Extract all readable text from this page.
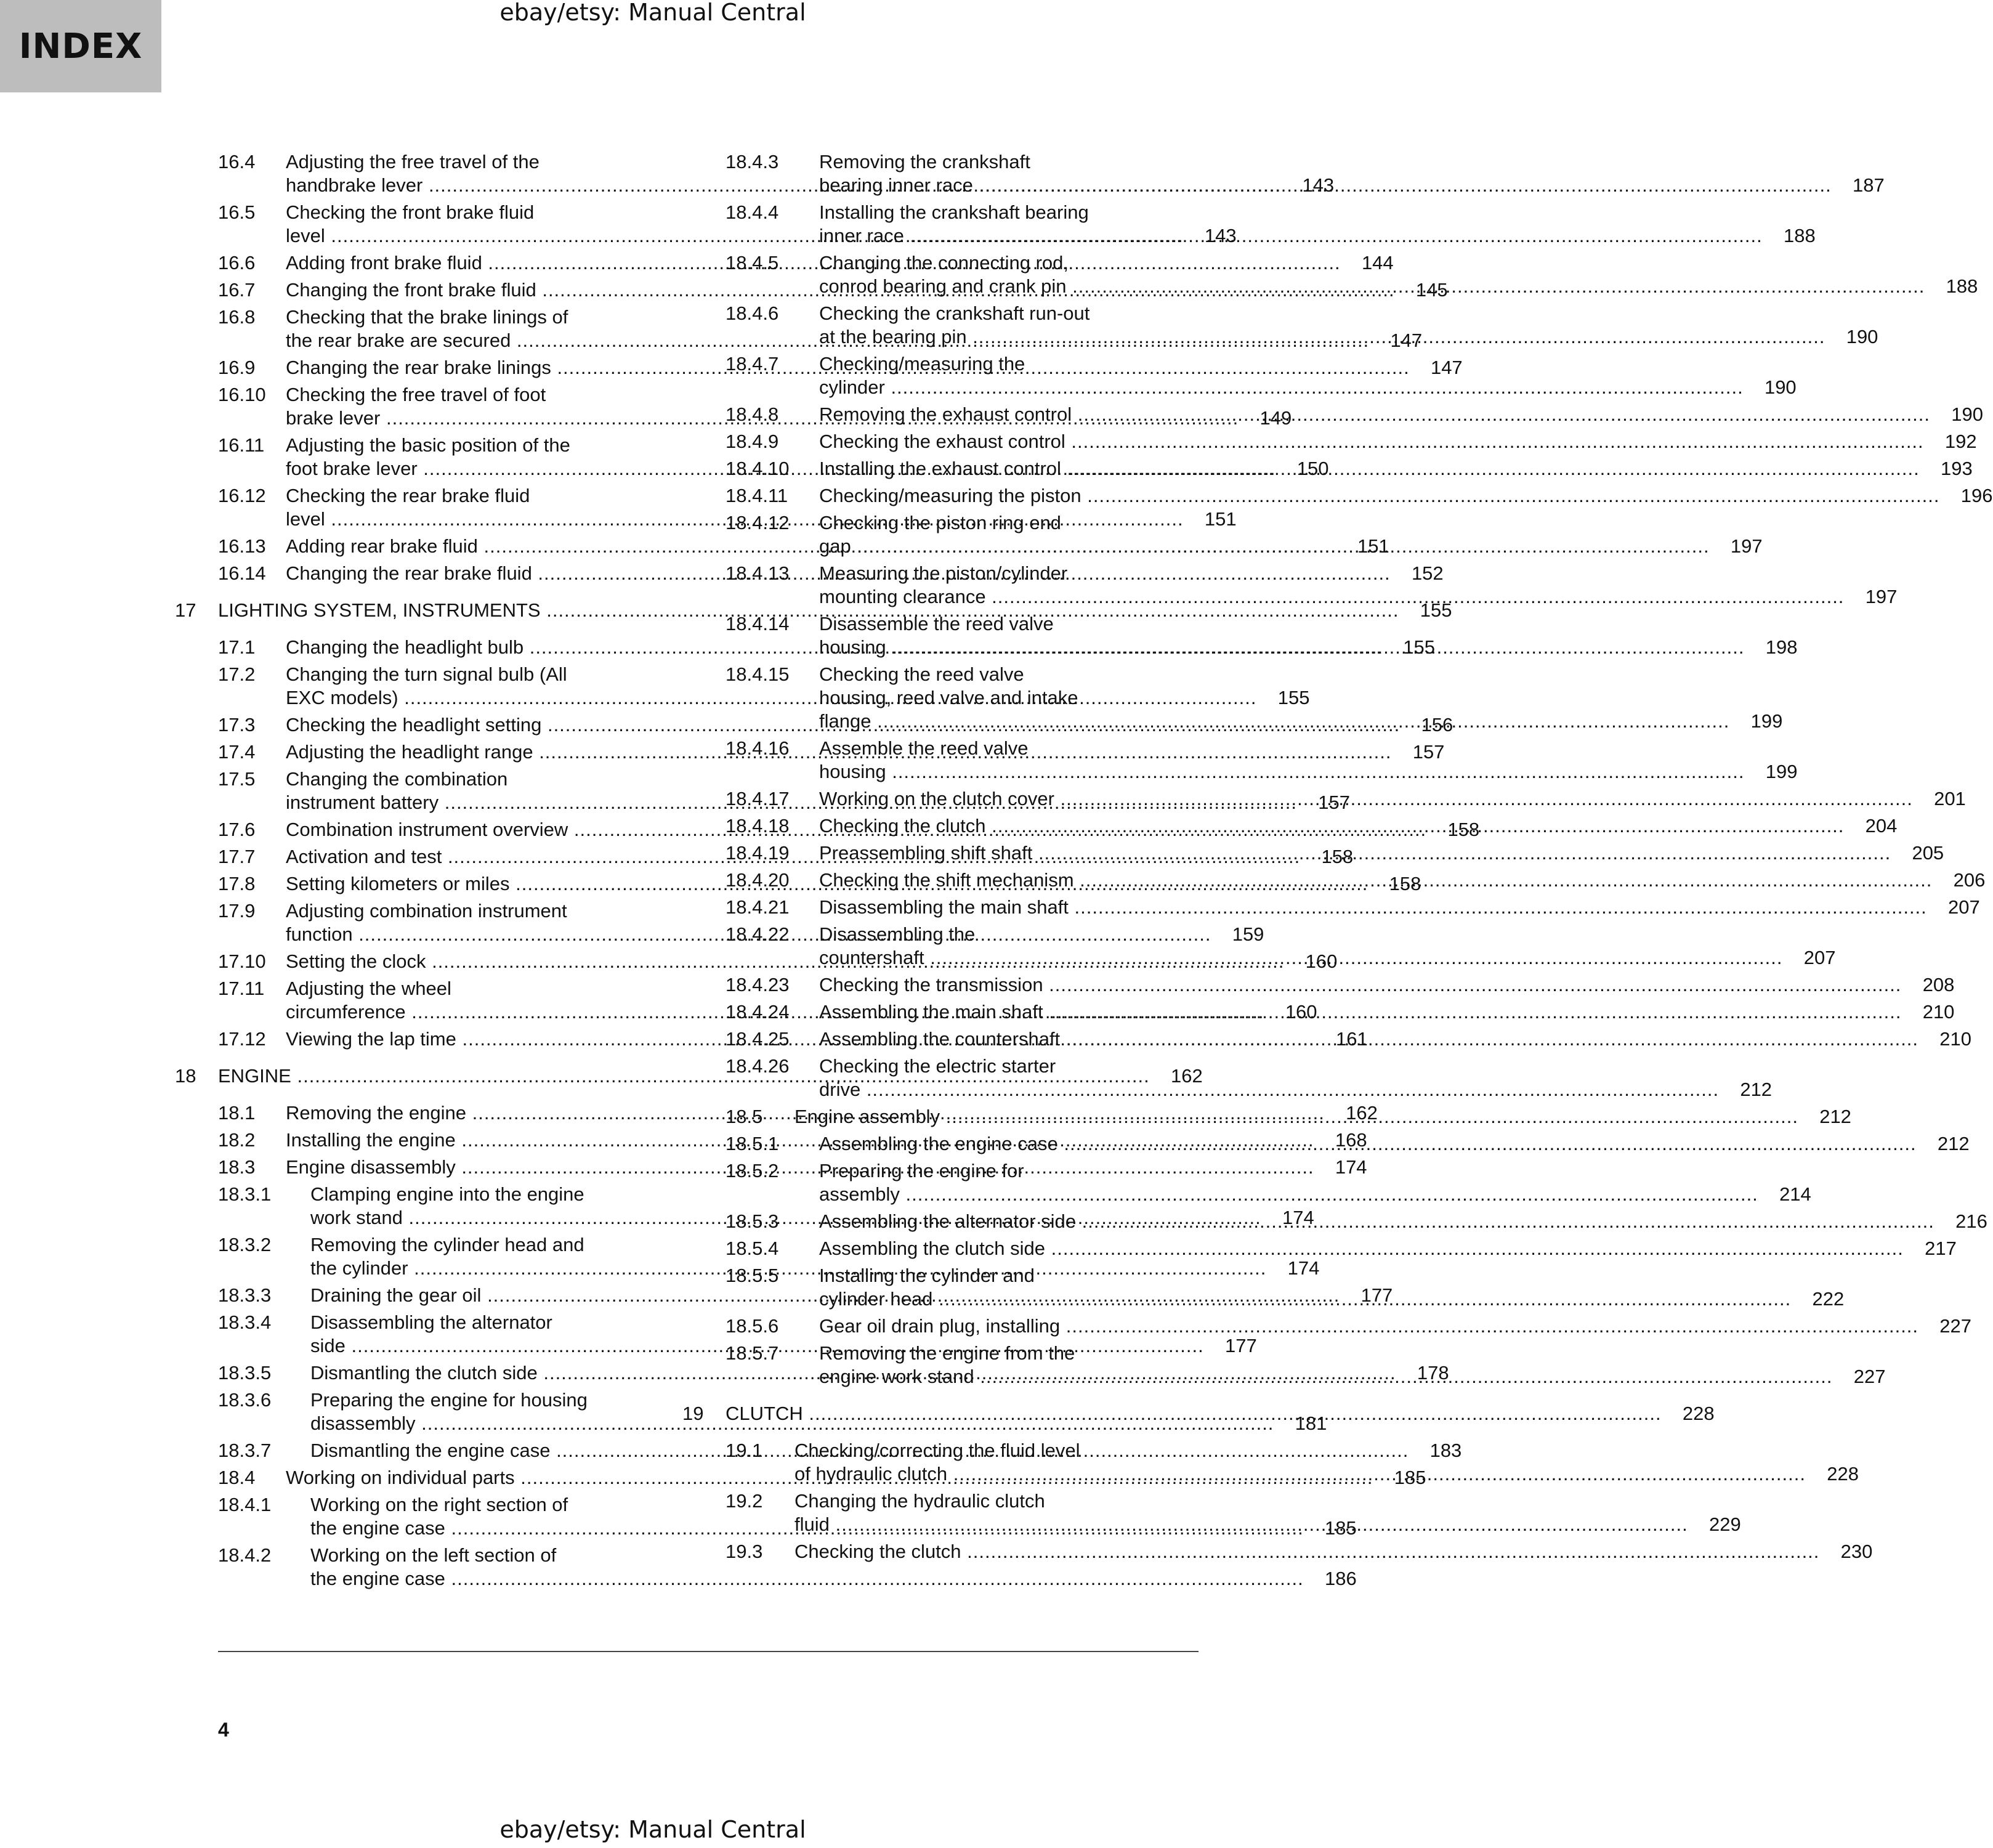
INDEX
ebay/etsy: Manual Central
16.4	Adjusting the free travel of the
handbrake lever .....	143
16.5	Checking the front brake fluid
level .....	143
16.6	Adding front brake fluid .....	144
16.7	Changing the front brake fluid .....	145
16.8	Checking that the brake linings of
the rear brake are secured .....	147
16.9	Changing the rear brake linings .....	147
16.10	Checking the free travel of foot
brake lever .....	149
16.11	Adjusting the basic position of the
foot brake lever .....	150
16.12	Checking the rear brake fluid
level .....	151
16.13	Adding rear brake fluid .....	151
16.14	Changing the rear brake fluid .....	152
17	LIGHTING SYSTEM, INSTRUMENTS .....	155
17.1	Changing the headlight bulb .....	155
17.2	Changing the turn signal bulb (All
EXC models) .....	155
17.3	Checking the headlight setting .....	156
17.4	Adjusting the headlight range .....	157
17.5	Changing the combination
instrument battery .....	157
17.6	Combination instrument overview .....	158
17.7	Activation and test .....	158
17.8	Setting kilometers or miles .....	158
17.9	Adjusting combination instrument
function .....	159
17.10	Setting the clock .....	160
17.11	Adjusting the wheel
circumference .....	160
17.12	Viewing the lap time .....	161
18	ENGINE .....	162
18.1	Removing the engine .....	162
18.2	Installing the engine .....	168
18.3	Engine disassembly .....	174
18.3.1	Clamping engine into the engine
work stand .....	174
18.3.2	Removing the cylinder head and
the cylinder .....	174
18.3.3	Draining the gear oil .....	177
18.3.4	Disassembling the alternator
side .....	177
18.3.5	Dismantling the clutch side .....	178
18.3.6	Preparing the engine for housing
disassembly .....	181
18.3.7	Dismantling the engine case .....	183
18.4	Working on individual parts .....	185
18.4.1	Working on the right section of
the engine case .....	185
18.4.2	Working on the left section of
the engine case .....	186
18.4.3	Removing the crankshaft
bearing inner race .....	187
18.4.4	Installing the crankshaft bearing
inner race .....	188
18.4.5	Changing the connecting rod,
conrod bearing and crank pin .....	188
18.4.6	Checking the crankshaft run-out
at the bearing pin .....	190
18.4.7	Checking/measuring the
cylinder .....	190
18.4.8	Removing the exhaust control .....	190
18.4.9	Checking the exhaust control .....	192
18.4.10	Installing the exhaust control .....	193
18.4.11	Checking/measuring the piston .....	196
18.4.12	Checking the piston ring end
gap .....	197
18.4.13	Measuring the piston/cylinder
mounting clearance .....	197
18.4.14	Disassemble the reed valve
housing .....	198
18.4.15	Checking the reed valve
housing, reed valve and intake
flange .....	199
18.4.16	Assemble the reed valve
housing .....	199
18.4.17	Working on the clutch cover .....	201
18.4.18	Checking the clutch .....	204
18.4.19	Preassembling shift shaft .....	205
18.4.20	Checking the shift mechanism .....	206
18.4.21	Disassembling the main shaft .....	207
18.4.22	Disassembling the
countershaft .....	207
18.4.23	Checking the transmission .....	208
18.4.24	Assembling the main shaft .....	210
18.4.25	Assembling the countershaft .....	210
18.4.26	Checking the electric starter
drive .....	212
18.5	Engine assembly .....	212
18.5.1	Assembling the engine case .....	212
18.5.2	Preparing the engine for
assembly .....	214
18.5.3	Assembling the alternator side .....	216
18.5.4	Assembling the clutch side .....	217
18.5.5	Installing the cylinder and
cylinder head .....	222
18.5.6	Gear oil drain plug, installing .....	227
18.5.7	Removing the engine from the
engine work stand .....	227
19	CLUTCH .....	228
19.1	Checking/correcting the fluid level
of hydraulic clutch .....	228
19.2	Changing the hydraulic clutch
fluid .....	229
19.3	Checking the clutch .....	230
4
ebay/etsy: Manual Central
